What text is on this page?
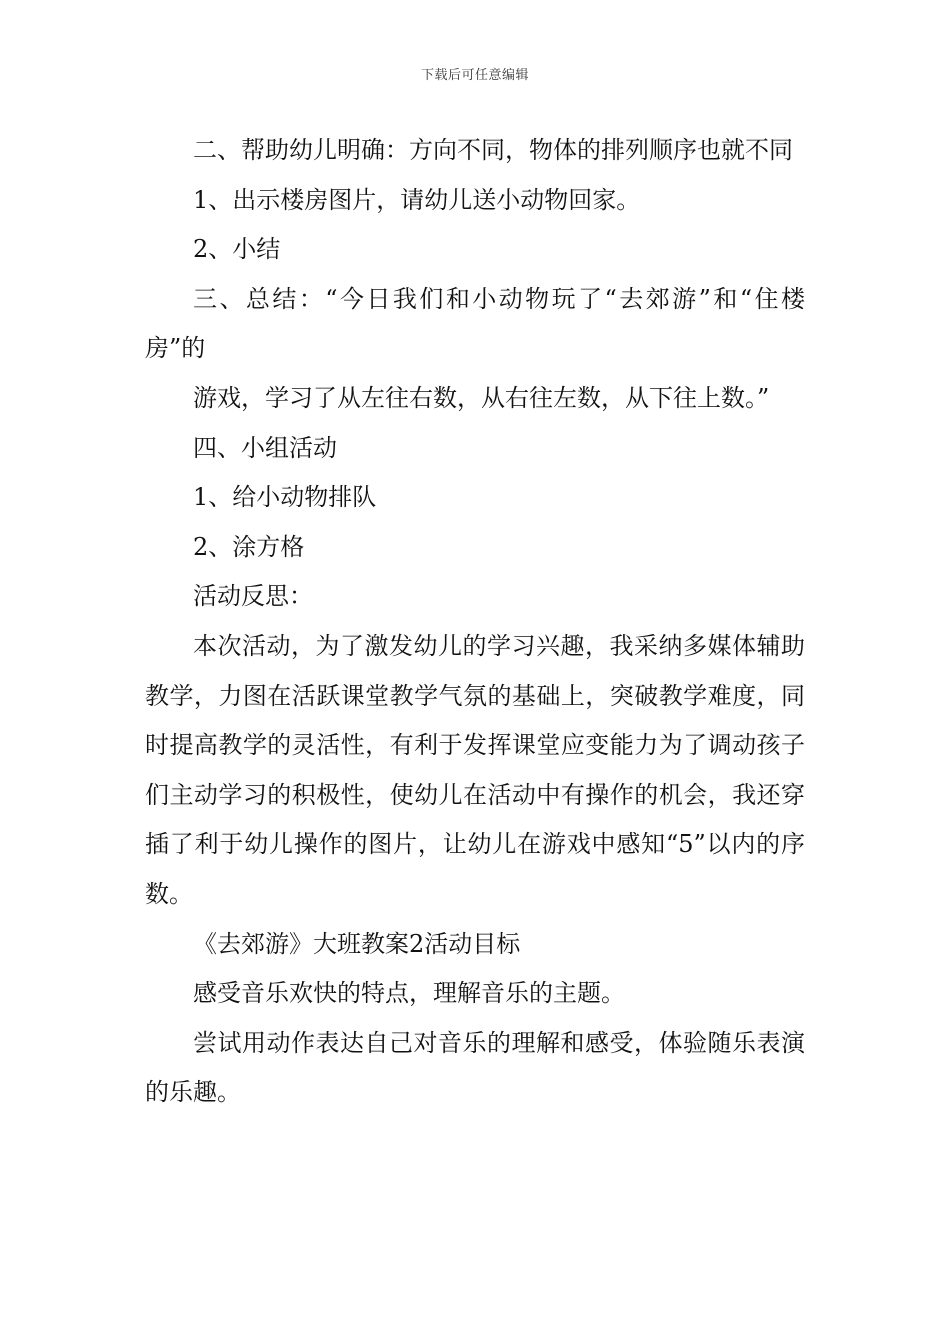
下载后可任意编辑

二、帮助幼儿明确：方向不同，物体的排列顺序也就不同

1、出示楼房图片，请幼儿送小动物回家。

2、小结

三、总结：“今日我们和小动物玩了“去郊游”和“住楼房”的

游戏，学习了从左往右数，从右往左数，从下往上数。”

四、小组活动

1、给小动物排队

2、涂方格

活动反思：

本次活动，为了激发幼儿的学习兴趣，我采纳多媒体辅助教学，力图在活跃课堂教学气氛的基础上，突破教学难度，同时提高教学的灵活性，有利于发挥课堂应变能力为了调动孩子们主动学习的积极性，使幼儿在活动中有操作的机会，我还穿插了利于幼儿操作的图片，让幼儿在游戏中感知“5”以内的序数。

《去郊游》大班教案2活动目标

感受音乐欢快的特点，理解音乐的主题。

尝试用动作表达自己对音乐的理解和感受，体验随乐表演的乐趣。
